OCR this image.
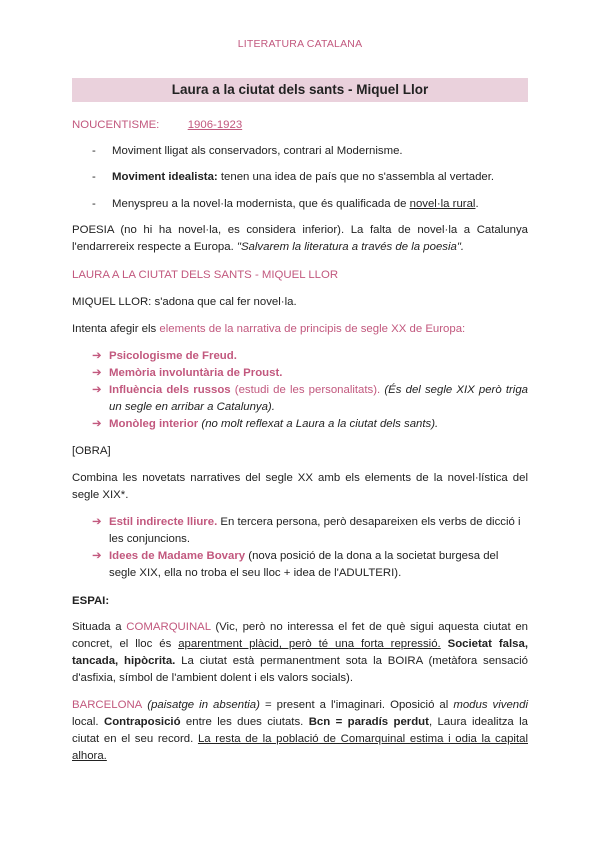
LITERATURA CATALANA
Laura a la ciutat dels sants - Miquel Llor
NOUCENTISME: 1906-1923
- Moviment lligat als conservadors, contrari al Modernisme.
- Moviment idealista: tenen una idea de país que no s'assembla al vertader.
- Menyspreu a la novel·la modernista, que és qualificada de novel·la rural.
POESIA (no hi ha novel·la, es considera inferior). La falta de novel·la a Catalunya l'endarrereix respecte a Europa. "Salvarem la literatura a través de la poesia".
LAURA A LA CIUTAT DELS SANTS - MIQUEL LLOR
MIQUEL LLOR: s'adona que cal fer novel·la.
Intenta afegir els elements de la narrativa de principis de segle XX de Europa:
➔ Psicologisme de Freud.
➔ Memòria involuntària de Proust.
➔ Influència dels russos (estudi de les personalitats). (És del segle XIX però triga un segle en arribar a Catalunya).
➔ Monòleg interior (no molt reflexat a Laura a la ciutat dels sants).
[OBRA]
Combina les novetats narratives del segle XX amb els elements de la novel·lística del segle XIX*.
➔ Estil indirecte lliure. En tercera persona, però desapareixen els verbs de dicció i les conjuncions.
➔ Idees de Madame Bovary (nova posició de la dona a la societat burgesa del segle XIX, ella no troba el seu lloc + idea de l'ADULTERI).
ESPAI:
Situada a COMARQUINAL (Vic, però no interessa el fet de què sigui aquesta ciutat en concret, el lloc és aparentment plàcid, però té una forta repressió. Societat falsa, tancada, hipòcrita. La ciutat està permanentment sota la BOIRA (metàfora sensació d'asfixia, símbol de l'ambient dolent i els valors socials).
BARCELONA (paisatge in absentia) = present a l'imaginari. Oposició al modus vivendi local. Contraposició entre les dues ciutats. Bcn = paradís perdut, Laura idealitza la ciutat en el seu record. La resta de la població de Comarquinal estima i odia la capital alhora.
